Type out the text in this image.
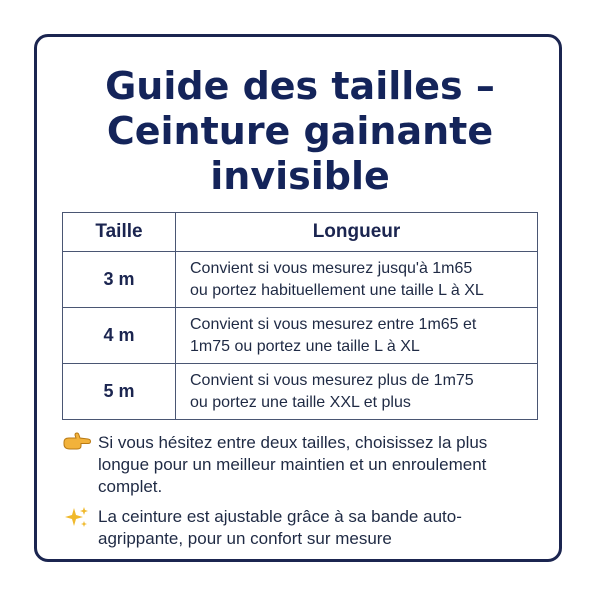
Guide des tailles –
Ceinture gainante
invisible
Taille	Longueur
3 m	Convient si vous mesurez jusqu'à 1m65
ou portez habituellement une taille L à XL

4 m	Convient si vous mesurez entre 1m65 et
1m75 ou portez une taille L à XL

5 m	Convient si vous mesurez plus de 1m75
ou portez une taille XXL et plus
Si vous hésitez entre deux tailles, choisissez la plus longue pour un meilleur maintien et un enroulement complet.
La ceinture est ajustable grâce à sa bande auto-agrippante, pour un confort sur mesure
